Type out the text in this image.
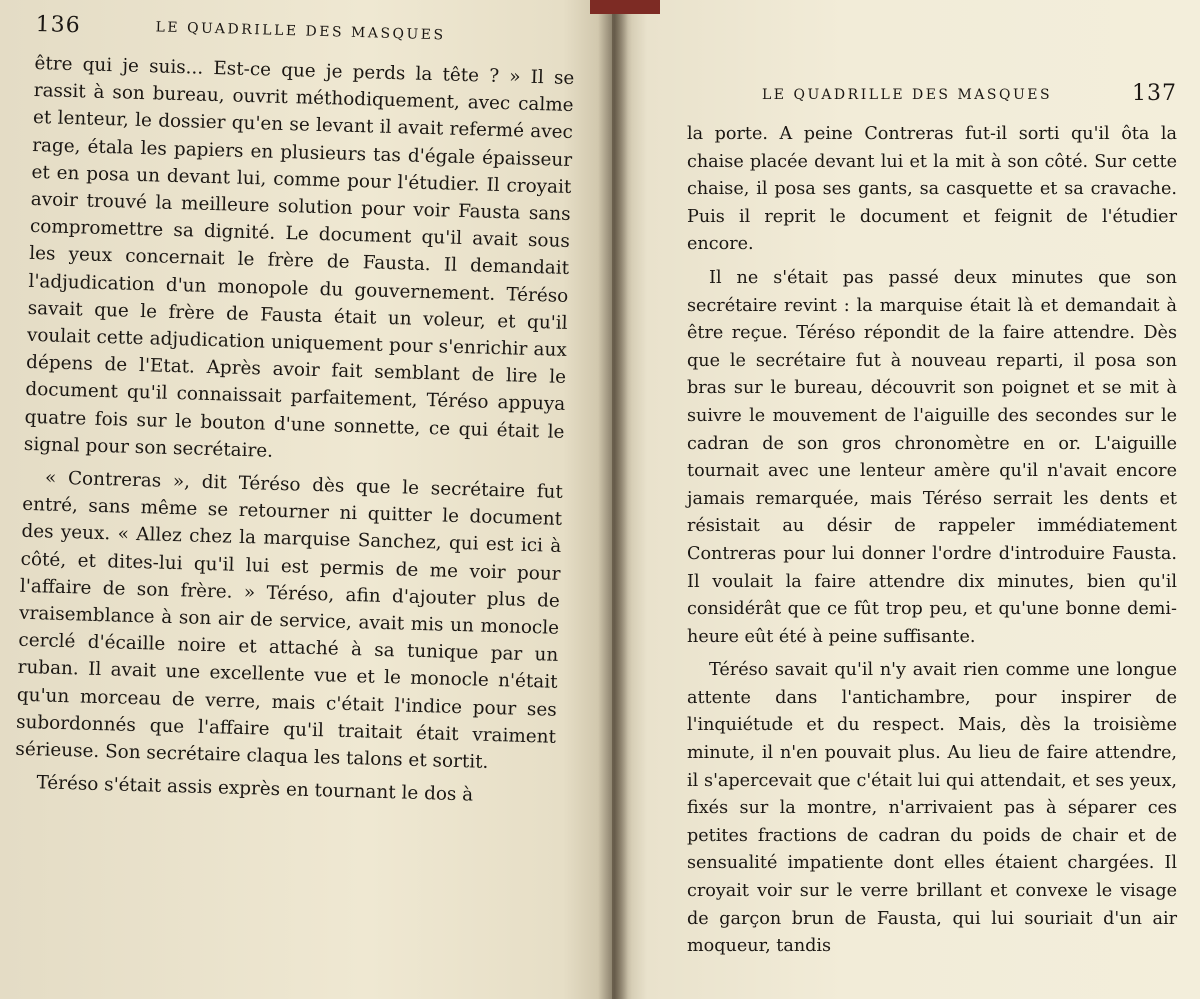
136	LE QUADRILLE DES MASQUES

être qui je suis... Est-ce que je perds la tête ? » Il se rassit à son bureau, ouvrit méthodiquement, avec calme et lenteur, le dossier qu'en se levant il avait refermé avec rage, étala les papiers en plusieurs tas d'égale épaisseur et en posa un devant lui, comme pour l'étudier. Il croyait avoir trouvé la meilleure solution pour voir Fausta sans compromettre sa dignité. Le document qu'il avait sous les yeux concernait le frère de Fausta. Il demandait l'adjudication d'un monopole du gouvernement. Téréso savait que le frère de Fausta était un voleur, et qu'il voulait cette adjudication uniquement pour s'enrichir aux dépens de l'Etat. Après avoir fait semblant de lire le document qu'il connaissait parfaitement, Téréso appuya quatre fois sur le bouton d'une sonnette, ce qui était le signal pour son secrétaire.

« Contreras », dit Téréso dès que le secrétaire fut entré, sans même se retourner ni quitter le document des yeux. « Allez chez la marquise Sanchez, qui est ici à côté, et dites-lui qu'il lui est permis de me voir pour l'affaire de son frère. » Téréso, afin d'ajouter plus de vraisemblance à son air de service, avait mis un monocle cerclé d'écaille noire et attaché à sa tunique par un ruban. Il avait une excellente vue et le monocle n'était qu'un morceau de verre, mais c'était l'indice pour ses subordonnés que l'affaire qu'il traitait était vraiment sérieuse. Son secrétaire claqua les talons et sortit.

Téréso s'était assis exprès en tournant le dos à

LE QUADRILLE DES MASQUES	137

la porte. A peine Contreras fut-il sorti qu'il ôta la chaise placée devant lui et la mit à son côté. Sur cette chaise, il posa ses gants, sa casquette et sa cravache. Puis il reprit le document et feignit de l'étudier encore.

Il ne s'était pas passé deux minutes que son secrétaire revint : la marquise était là et demandait à être reçue. Téréso répondit de la faire attendre. Dès que le secrétaire fut à nouveau reparti, il posa son bras sur le bureau, découvrit son poignet et se mit à suivre le mouvement de l'aiguille des secondes sur le cadran de son gros chronomètre en or. L'aiguille tournait avec une lenteur amère qu'il n'avait encore jamais remarquée, mais Téréso serrait les dents et résistait au désir de rappeler immédiatement Contreras pour lui donner l'ordre d'introduire Fausta. Il voulait la faire attendre dix minutes, bien qu'il considérât que ce fût trop peu, et qu'une bonne demi-heure eût été à peine suffisante.

Téréso savait qu'il n'y avait rien comme une longue attente dans l'antichambre, pour inspirer de l'inquiétude et du respect. Mais, dès la troisième minute, il n'en pouvait plus. Au lieu de faire attendre, il s'apercevait que c'était lui qui attendait, et ses yeux, fixés sur la montre, n'arrivaient pas à séparer ces petites fractions de cadran du poids de chair et de sensualité impatiente dont elles étaient chargées. Il croyait voir sur le verre brillant et convexe le visage de garçon brun de Fausta, qui lui souriait d'un air moqueur, tandis
